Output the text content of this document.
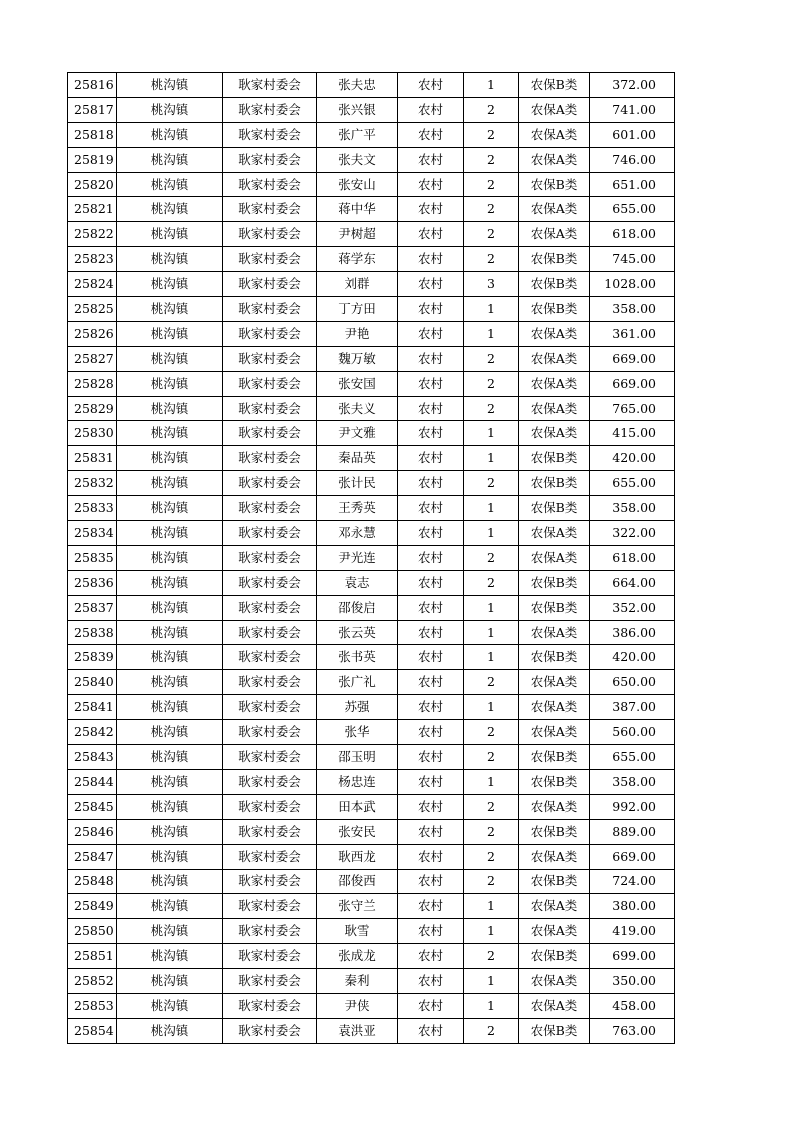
25816	桃沟镇	耿家村委会	张夫忠	农村	1	农保B类	372.00
25817	桃沟镇	耿家村委会	张兴银	农村	2	农保A类	741.00
25818	桃沟镇	耿家村委会	张广平	农村	2	农保A类	601.00
25819	桃沟镇	耿家村委会	张夫文	农村	2	农保A类	746.00
25820	桃沟镇	耿家村委会	张安山	农村	2	农保B类	651.00
25821	桃沟镇	耿家村委会	蒋中华	农村	2	农保A类	655.00
25822	桃沟镇	耿家村委会	尹树超	农村	2	农保A类	618.00
25823	桃沟镇	耿家村委会	蒋学东	农村	2	农保B类	745.00
25824	桃沟镇	耿家村委会	刘群	农村	3	农保B类	1028.00
25825	桃沟镇	耿家村委会	丁方田	农村	1	农保B类	358.00
25826	桃沟镇	耿家村委会	尹艳	农村	1	农保A类	361.00
25827	桃沟镇	耿家村委会	魏万敏	农村	2	农保A类	669.00
25828	桃沟镇	耿家村委会	张安国	农村	2	农保A类	669.00
25829	桃沟镇	耿家村委会	张夫义	农村	2	农保A类	765.00
25830	桃沟镇	耿家村委会	尹文雅	农村	1	农保A类	415.00
25831	桃沟镇	耿家村委会	秦品英	农村	1	农保B类	420.00
25832	桃沟镇	耿家村委会	张计民	农村	2	农保B类	655.00
25833	桃沟镇	耿家村委会	王秀英	农村	1	农保B类	358.00
25834	桃沟镇	耿家村委会	邓永慧	农村	1	农保A类	322.00
25835	桃沟镇	耿家村委会	尹光连	农村	2	农保A类	618.00
25836	桃沟镇	耿家村委会	袁志	农村	2	农保B类	664.00
25837	桃沟镇	耿家村委会	邵俊启	农村	1	农保B类	352.00
25838	桃沟镇	耿家村委会	张云英	农村	1	农保A类	386.00
25839	桃沟镇	耿家村委会	张书英	农村	1	农保B类	420.00
25840	桃沟镇	耿家村委会	张广礼	农村	2	农保A类	650.00
25841	桃沟镇	耿家村委会	苏强	农村	1	农保A类	387.00
25842	桃沟镇	耿家村委会	张华	农村	2	农保A类	560.00
25843	桃沟镇	耿家村委会	邵玉明	农村	2	农保B类	655.00
25844	桃沟镇	耿家村委会	杨忠连	农村	1	农保B类	358.00
25845	桃沟镇	耿家村委会	田本武	农村	2	农保A类	992.00
25846	桃沟镇	耿家村委会	张安民	农村	2	农保B类	889.00
25847	桃沟镇	耿家村委会	耿西龙	农村	2	农保A类	669.00
25848	桃沟镇	耿家村委会	邵俊西	农村	2	农保B类	724.00
25849	桃沟镇	耿家村委会	张守兰	农村	1	农保A类	380.00
25850	桃沟镇	耿家村委会	耿雪	农村	1	农保A类	419.00
25851	桃沟镇	耿家村委会	张成龙	农村	2	农保B类	699.00
25852	桃沟镇	耿家村委会	秦利	农村	1	农保A类	350.00
25853	桃沟镇	耿家村委会	尹侠	农村	1	农保A类	458.00
25854	桃沟镇	耿家村委会	袁洪亚	农村	2	农保B类	763.00
